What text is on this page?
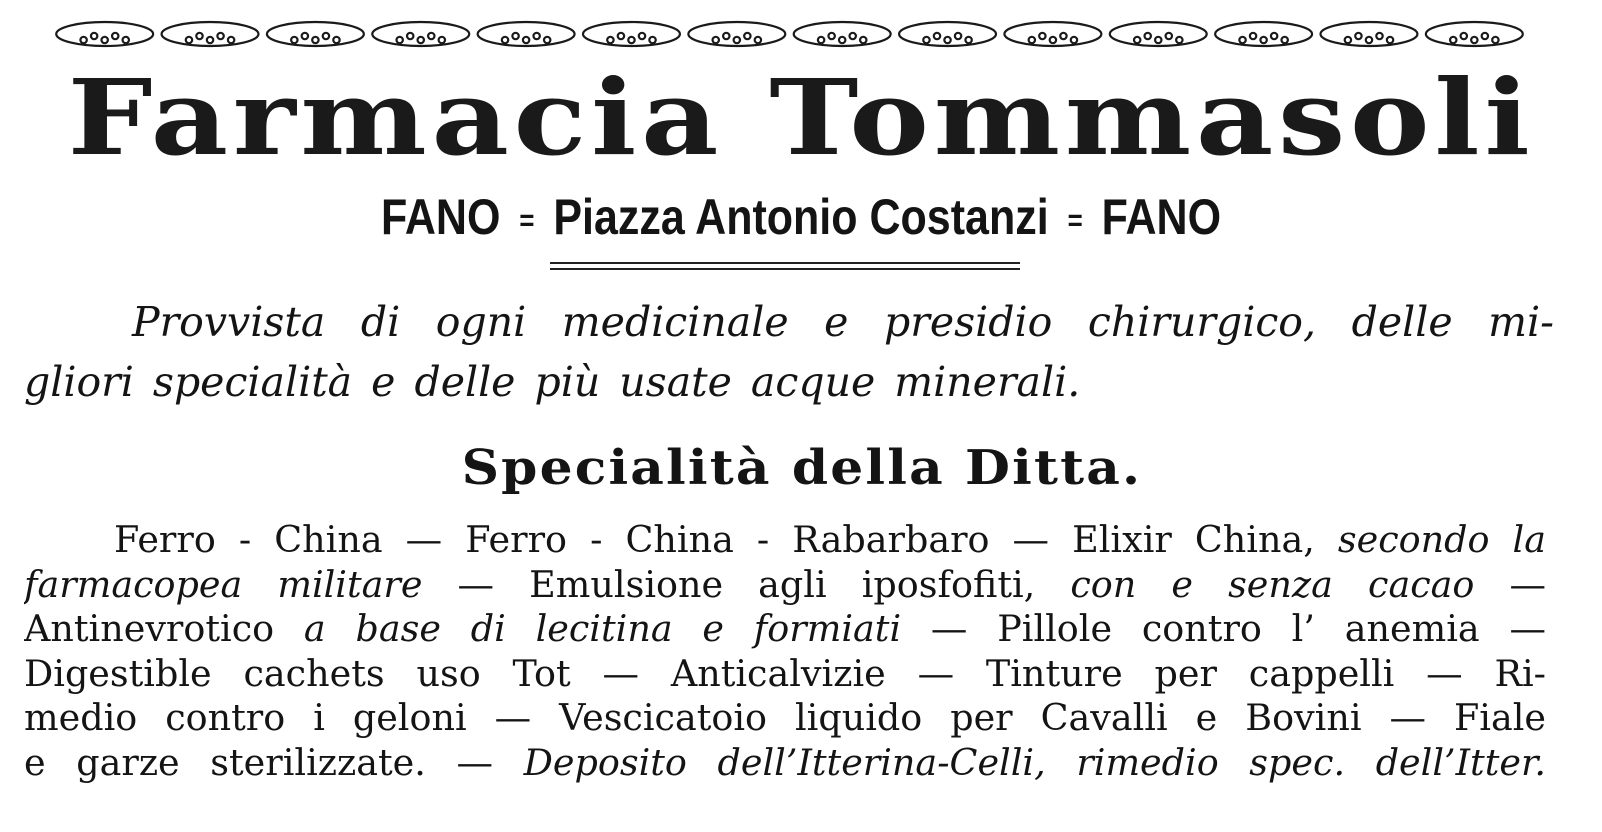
Farmacia Tommasoli
FANO = Piazza Antonio Costanzi = FANO
Provvista di ogni medicinale e presidio chirurgico, delle mi-
gliori specialità e delle più usate acque minerali.
Specialità della Ditta.
Ferro - China — Ferro - China - Rabarbaro — Elixir China, secondo la
farmacopea militare — Emulsione agli iposfofiti, con e senza cacao —
Antinevrotico a base di lecitina e formiati — Pillole contro l’ anemia —
Digestible cachets uso Tot — Anticalvizie — Tinture per cappelli — Ri-
medio contro i geloni — Vescicatoio liquido per Cavalli e Bovini — Fiale
e garze sterilizzate. — Deposito dell’Itterina-Celli, rimedio spec. dell’Itter.
